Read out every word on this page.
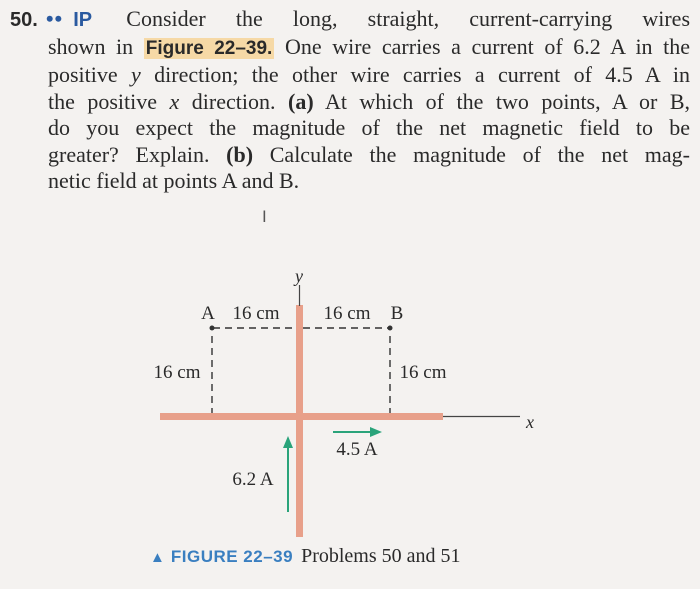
50. •• IP Consider the long, straight, current-carrying wires
shown in Figure 22–39. One wire carries a current of 6.2 A in the
positive y direction; the other wire carries a current of 4.5 A in
the positive x direction. (a) At which of the two points, A or B,
do you expect the magnitude of the net magnetic field to be
greater? Explain. (b) Calculate the magnitude of the net mag-
netic field at points A and B.
I
y
x
A 16 cm 16 cm B
16 cm	16 cm
6.2 A
4.5 A
▲ FIGURE 22–39 Problems 50 and 51
